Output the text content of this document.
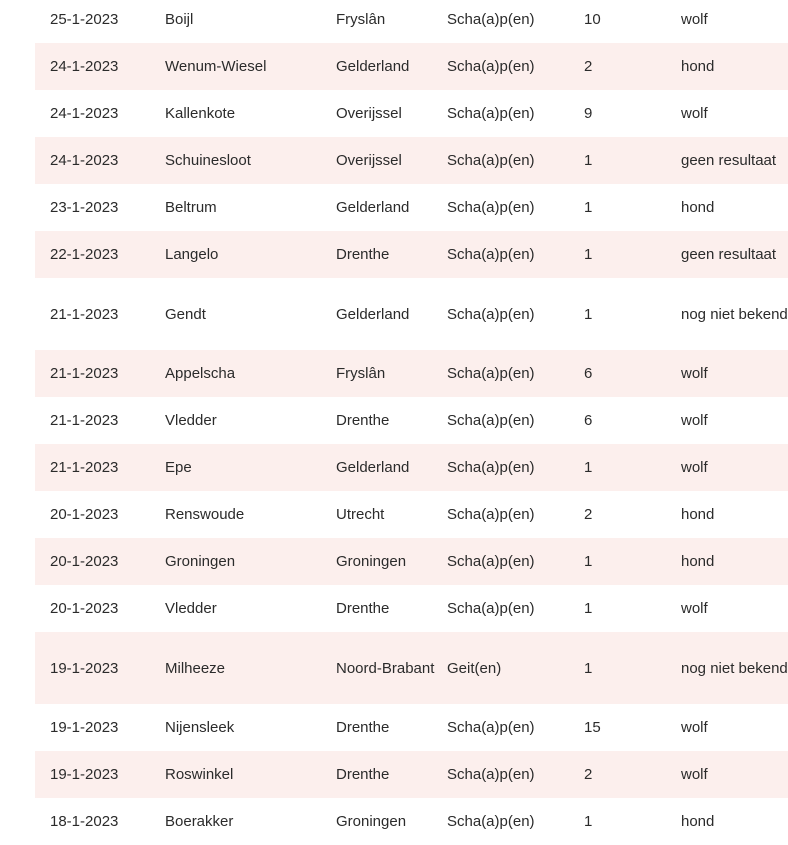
25-1-2023	Boijl	Fryslân	Scha(a)p(en)	10	wolf
24-1-2023	Wenum-Wiesel	Gelderland	Scha(a)p(en)	2	hond
24-1-2023	Kallenkote	Overijssel	Scha(a)p(en)	9	wolf
24-1-2023	Schuinesloot	Overijssel	Scha(a)p(en)	1	geen resultaat
23-1-2023	Beltrum	Gelderland	Scha(a)p(en)	1	hond
22-1-2023	Langelo	Drenthe	Scha(a)p(en)	1	geen resultaat
21-1-2023	Gendt	Gelderland	Scha(a)p(en)	1	nog niet bekend
21-1-2023	Appelscha	Fryslân	Scha(a)p(en)	6	wolf
21-1-2023	Vledder	Drenthe	Scha(a)p(en)	6	wolf
21-1-2023	Epe	Gelderland	Scha(a)p(en)	1	wolf
20-1-2023	Renswoude	Utrecht	Scha(a)p(en)	2	hond
20-1-2023	Groningen	Groningen	Scha(a)p(en)	1	hond
20-1-2023	Vledder	Drenthe	Scha(a)p(en)	1	wolf
19-1-2023	Milheeze	Noord-Brabant	Geit(en)	1	nog niet bekend
19-1-2023	Nijensleek	Drenthe	Scha(a)p(en)	15	wolf
19-1-2023	Roswinkel	Drenthe	Scha(a)p(en)	2	wolf
18-1-2023	Boerakker	Groningen	Scha(a)p(en)	1	hond
